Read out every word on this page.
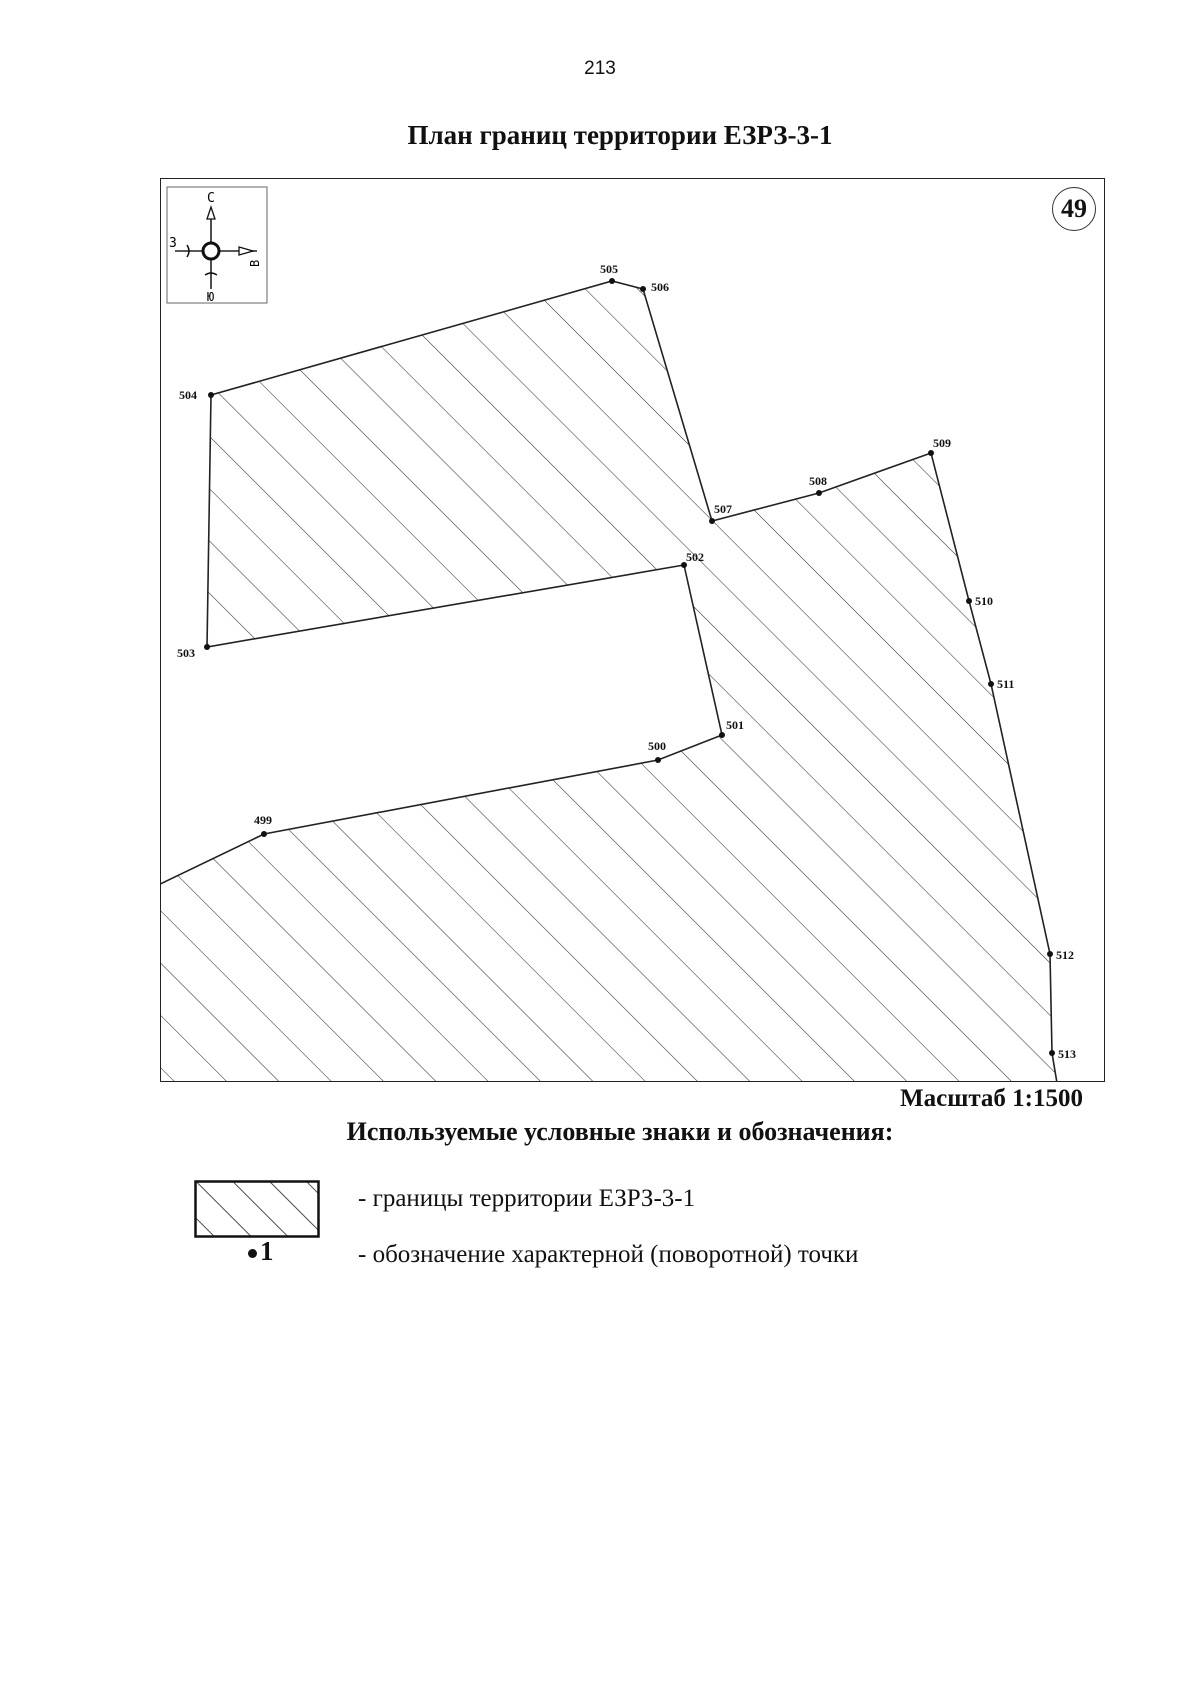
213
План границ территории ЕЗРЗ-3-1
499
500
501
502
503
504
505
506
507
508
509
510
511
512
513
С
З
В
Ю
49
Масштаб 1:1500
Используемые условные знаки и обозначения:
1
- границы территории ЕЗРЗ-3-1
- обозначение характерной (поворотной) точки
